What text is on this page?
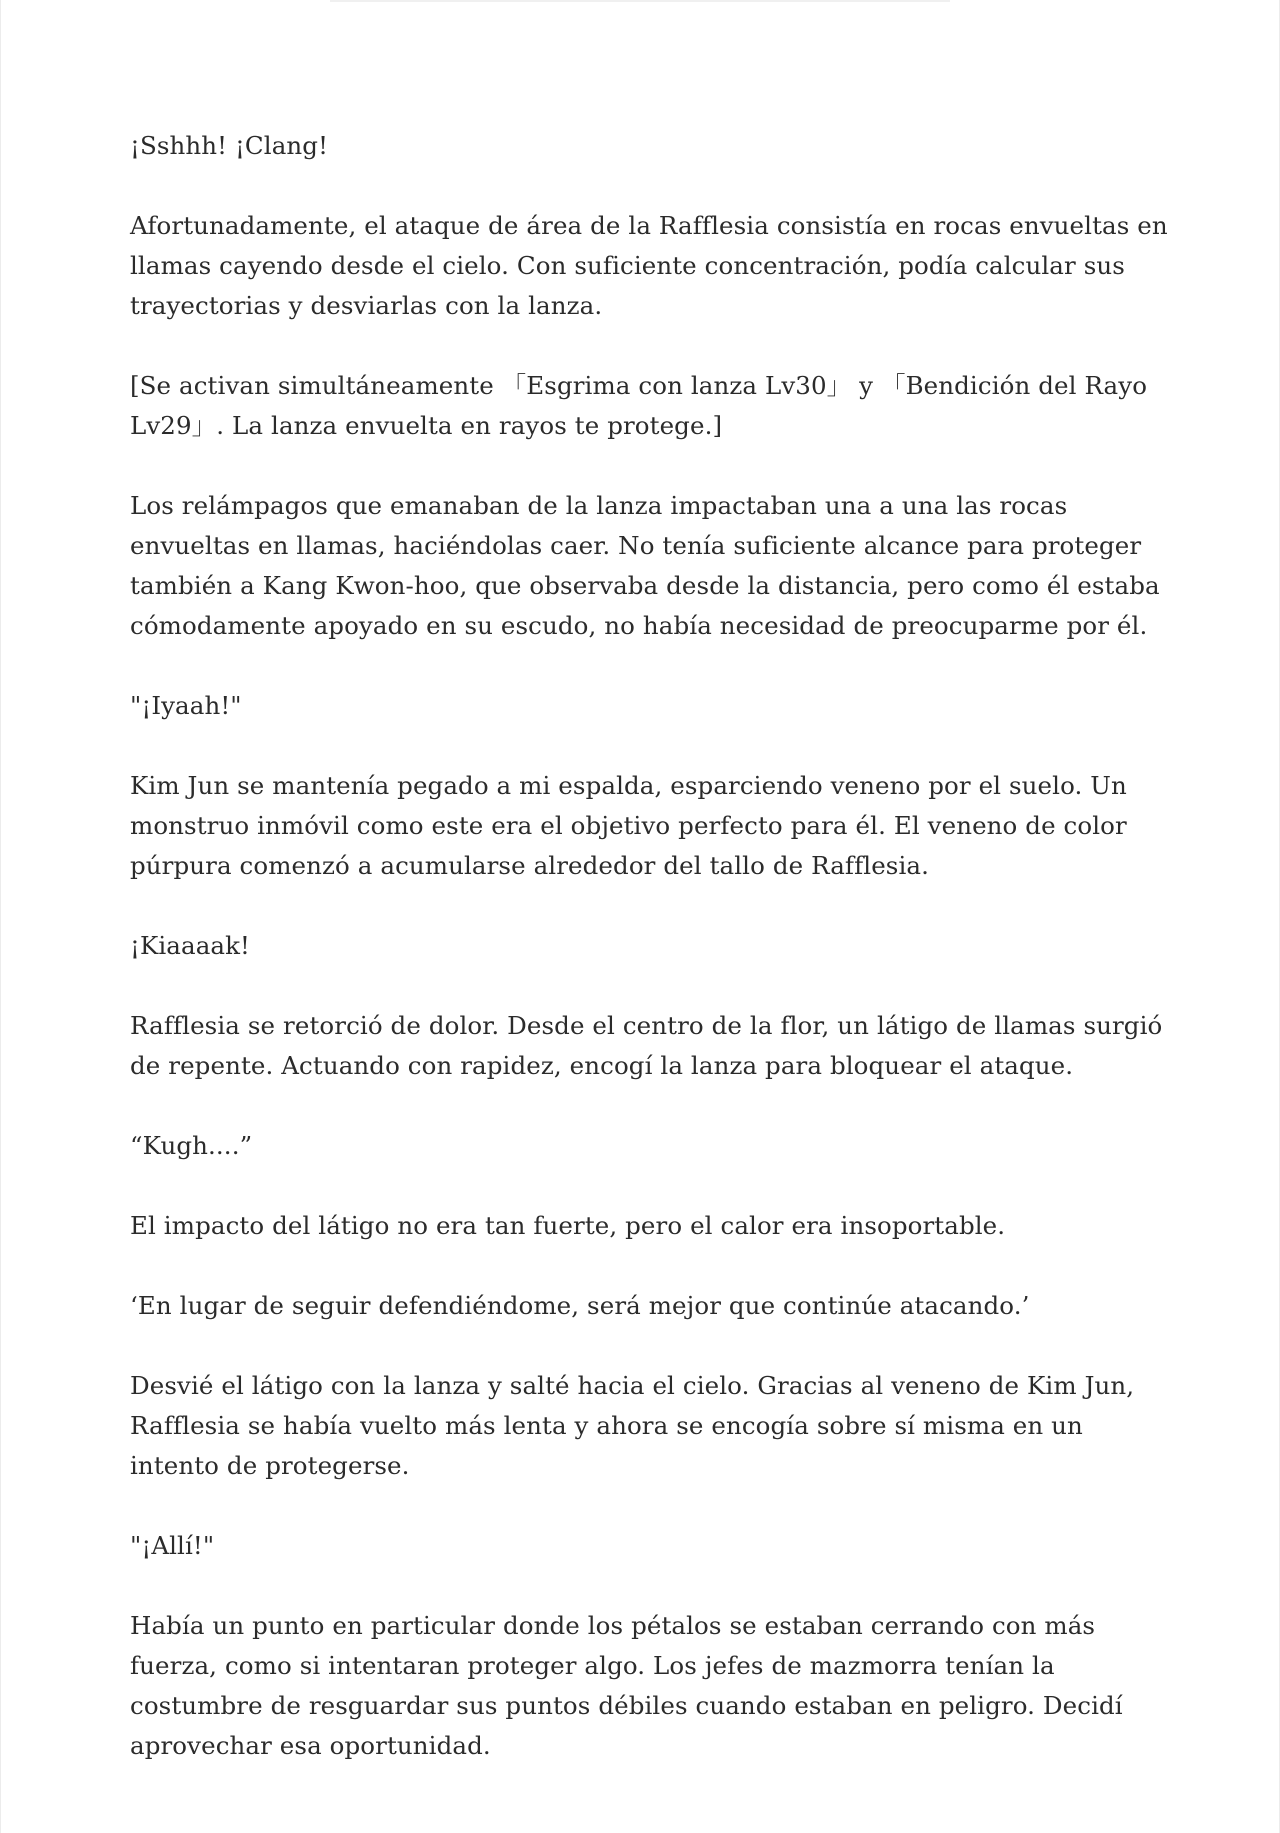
¡Sshhh! ¡Clang!

Afortunadamente, el ataque de área de la Rafflesia consistía en rocas envueltas en llamas cayendo desde el cielo. Con suficiente concentración, podía calcular sus trayectorias y desviarlas con la lanza.

[Se activan simultáneamente 「Esgrima con lanza Lv30」 y 「Bendición del Rayo Lv29」. La lanza envuelta en rayos te protege.]

Los relámpagos que emanaban de la lanza impactaban una a una las rocas envueltas en llamas, haciéndolas caer. No tenía suficiente alcance para proteger también a Kang Kwon-hoo, que observaba desde la distancia, pero como él estaba cómodamente apoyado en su escudo, no había necesidad de preocuparme por él.

"¡Iyaah!"

Kim Jun se mantenía pegado a mi espalda, esparciendo veneno por el suelo. Un monstruo inmóvil como este era el objetivo perfecto para él. El veneno de color púrpura comenzó a acumularse alrededor del tallo de Rafflesia.

¡Kiaaaak!

Rafflesia se retorció de dolor. Desde el centro de la flor, un látigo de llamas surgió de repente. Actuando con rapidez, encogí la lanza para bloquear el ataque.

“Kugh....”

El impacto del látigo no era tan fuerte, pero el calor era insoportable.

‘En lugar de seguir defendiéndome, será mejor que continúe atacando.’

Desvié el látigo con la lanza y salté hacia el cielo. Gracias al veneno de Kim Jun, Rafflesia se había vuelto más lenta y ahora se encogía sobre sí misma en un intento de protegerse.

"¡Allí!"

Había un punto en particular donde los pétalos se estaban cerrando con más fuerza, como si intentaran proteger algo. Los jefes de mazmorra tenían la costumbre de resguardar sus puntos débiles cuando estaban en peligro. Decidí aprovechar esa oportunidad.
